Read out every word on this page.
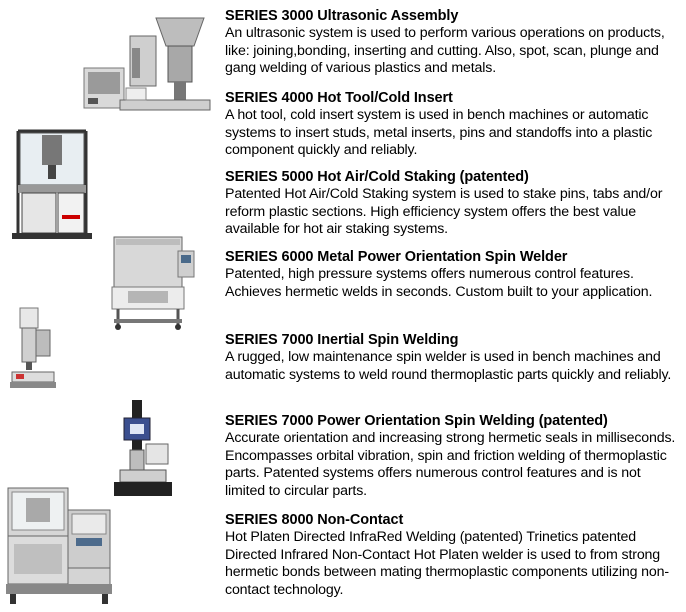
SERIES 3000 Ultrasonic Assembly

An ultrasonic system is used to perform various operations on products, like: joining,bonding, inserting and cutting. Also, spot, scan, plunge and gang welding of various plastics and metals.

SERIES 4000 Hot Tool/Cold Insert

A hot tool, cold insert system is used in bench machines or automatic systems to insert studs, metal inserts, pins and standoffs into a plastic component quickly and reliably.

SERIES 5000 Hot Air/Cold Staking (patented)

Patented Hot Air/Cold Staking system is used to stake pins, tabs and/or reform plastic sections. High efficiency system offers the best value available for hot air staking systems.

SERIES 6000 Metal Power Orientation Spin Welder

Patented, high pressure systems offers numerous control features. Achieves hermetic welds in seconds. Custom built to your application.

SERIES 7000 Inertial Spin Welding

A rugged, low maintenance spin welder is used in bench machines and automatic systems to weld round thermoplastic parts quickly and reliably.

SERIES 7000 Power Orientation Spin Welding (patented)

Accurate orientation and increasing strong hermetic seals in milliseconds. Encompasses orbital vibration, spin and friction welding of thermoplastic parts. Patented systems offers numerous control features and is not limited to circular parts.

SERIES 8000 Non-Contact

Hot Platen Directed InfraRed Welding (patented) Trinetics patented Directed Infrared Non-Contact Hot Platen welder is used to from strong hermetic bonds between mating thermoplastic components utilizing non-contact technology.
